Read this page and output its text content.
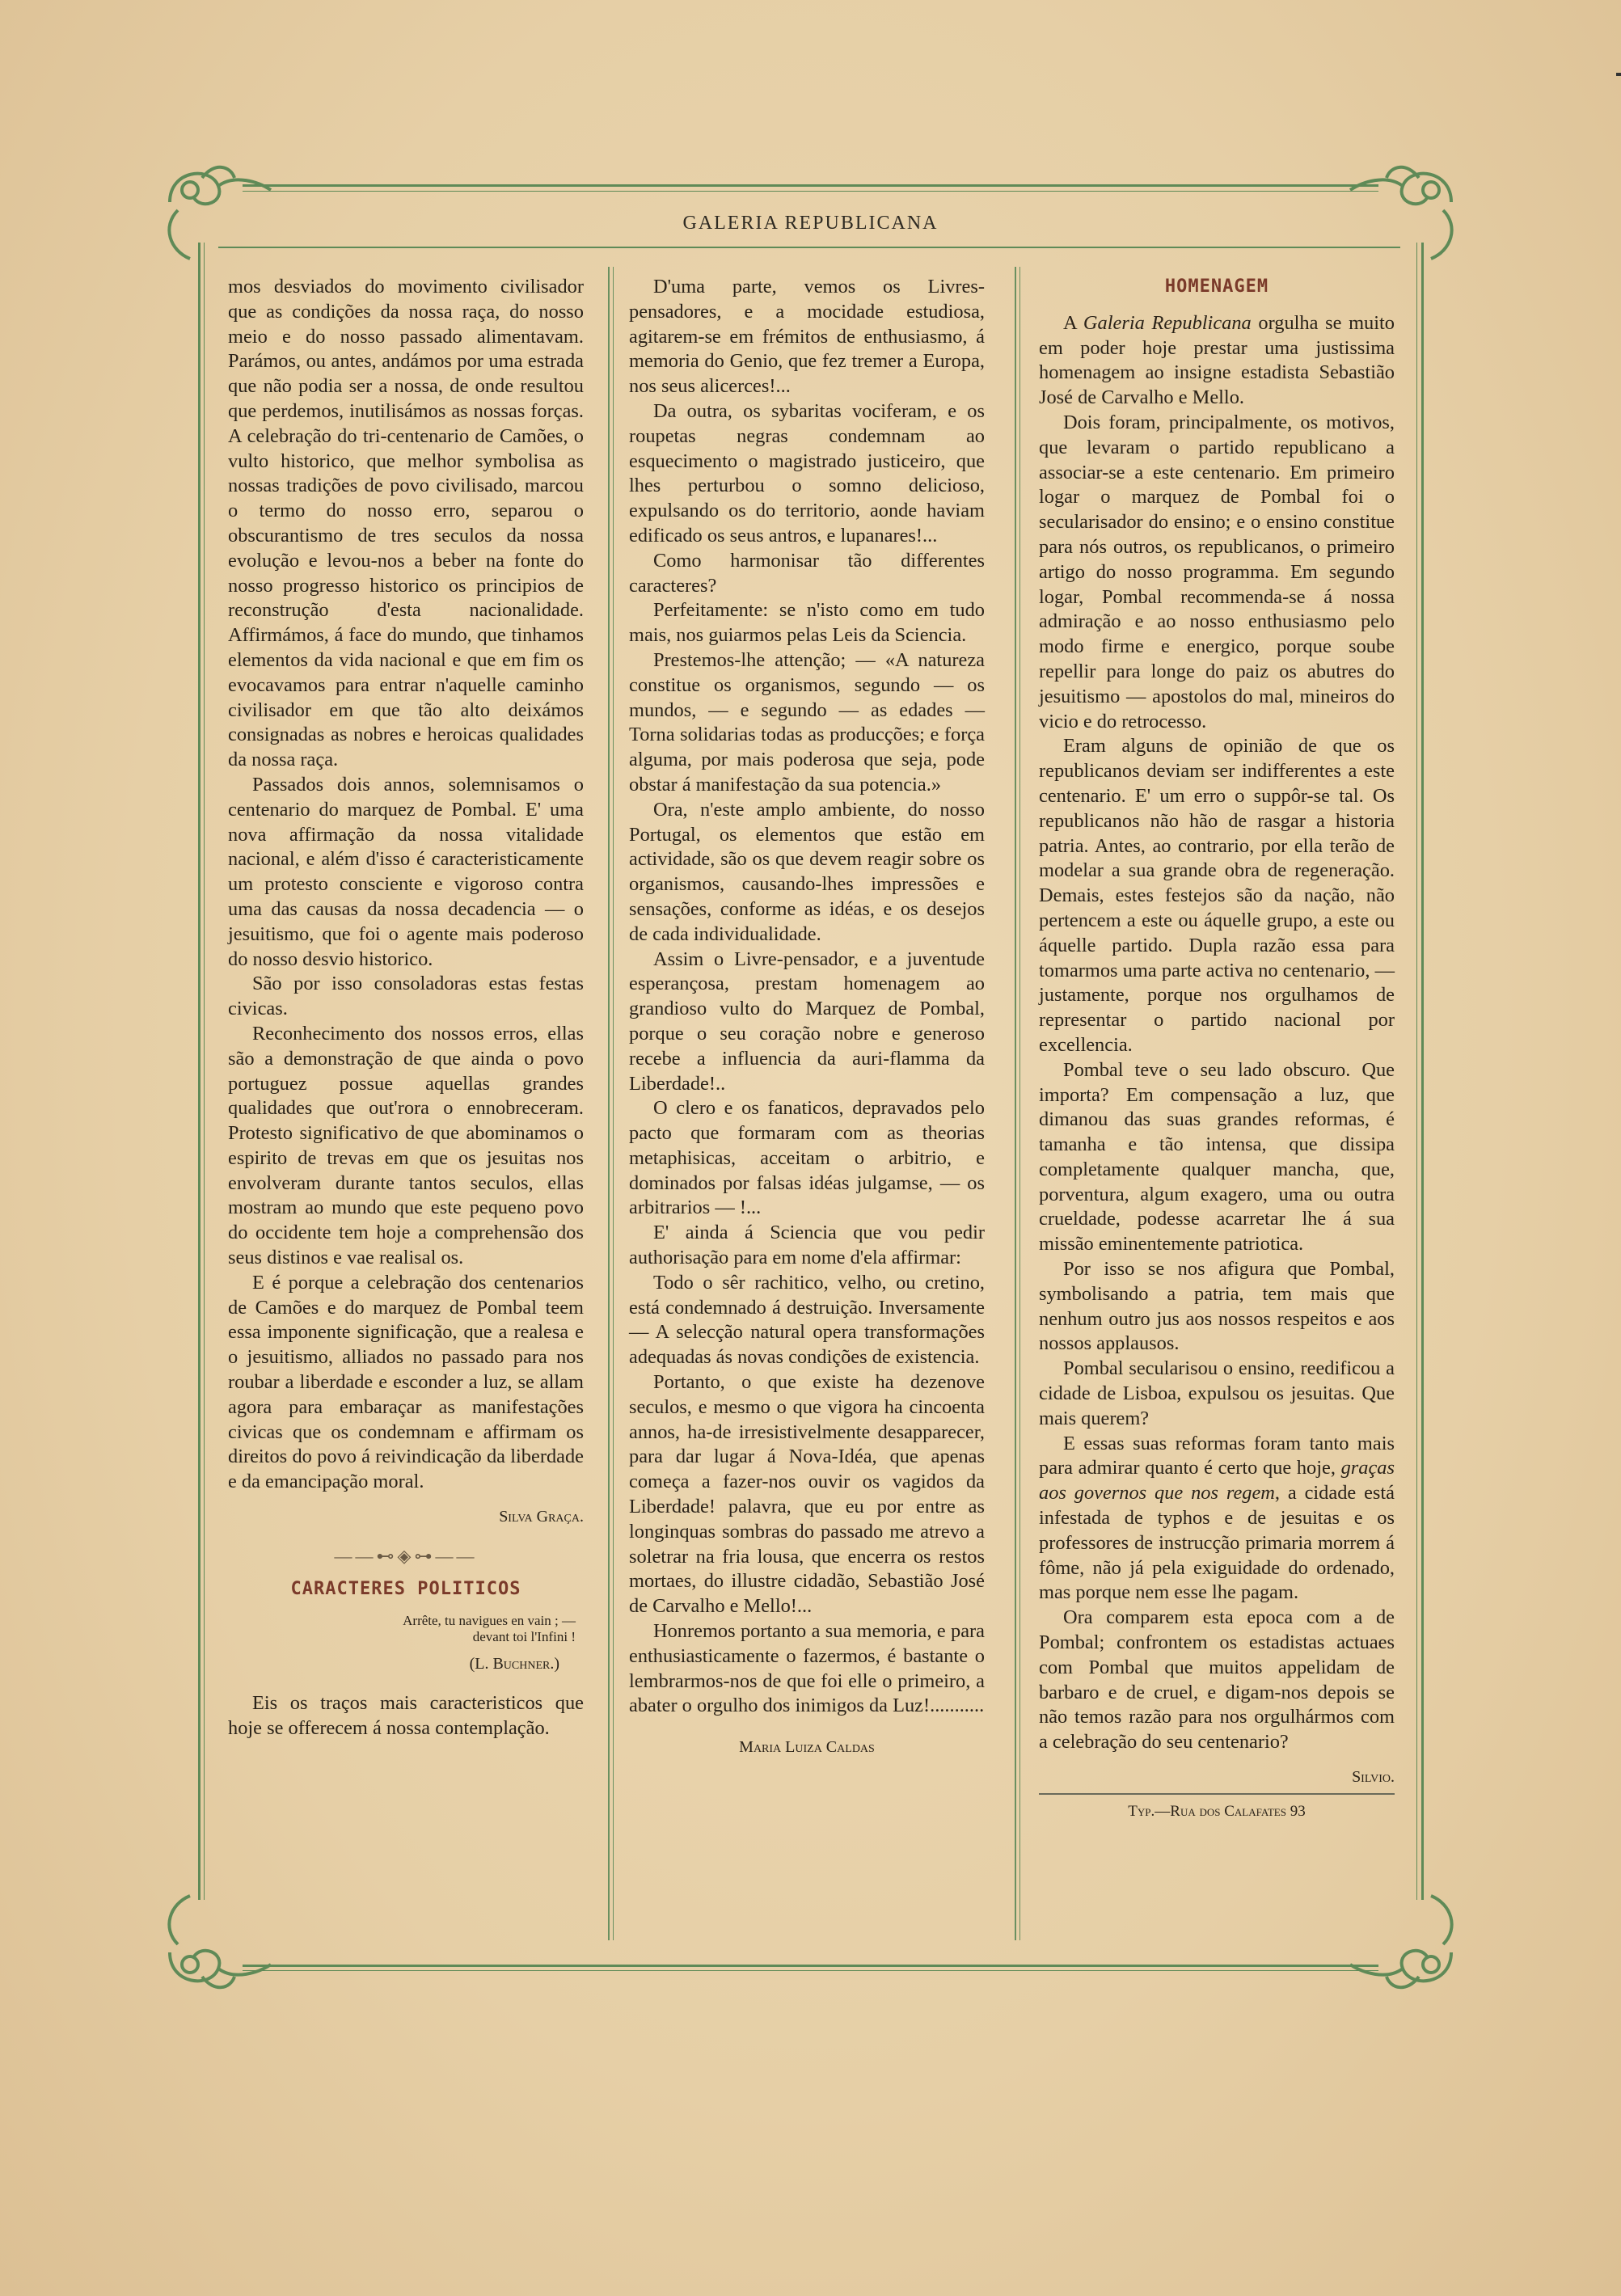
GALERIA REPUBLICANA

mos desviados do movimento civilisador que as condições da nossa raça, do nosso meio e do nosso passado alimentavam. Parámos, ou antes, andámos por uma estrada que não podia ser a nossa, de onde resultou que perdemos, inutilisámos as nossas forças. A celebração do tri-centenario de Camões, o vulto historico, que melhor symbolisa as nossas tradições de povo civilisado, marcou o termo do nosso erro, separou o obscurantismo de tres seculos da nossa evolução e levou-nos a beber na fonte do nosso progresso historico os principios de reconstrução d'esta nacionalidade. Affirmámos, á face do mundo, que tinhamos elementos da vida nacional e que em fim os evocavamos para entrar n'aquelle caminho civilisador em que tão alto deixámos consignadas as nobres e heroicas qualidades da nossa raça.

Passados dois annos, solemnisamos o centenario do marquez de Pombal. E' uma nova affirmação da nossa vitalidade nacional, e além d'isso é caracteristicamente um protesto consciente e vigoroso contra uma das causas da nossa decadencia — o jesuitismo, que foi o agente mais poderoso do nosso desvio historico.

São por isso consoladoras estas festas civicas.

Reconhecimento dos nossos erros, ellas são a demonstração de que ainda o povo portuguez possue aquellas grandes qualidades que out'rora o ennobreceram. Protesto significativo de que abominamos o espirito de trevas em que os jesuitas nos envolveram durante tantos seculos, ellas mostram ao mundo que este pequeno povo do occidente tem hoje a comprehensão dos seus distinos e vae realisal os.

E é porque a celebração dos centenarios de Camões e do marquez de Pombal teem essa imponente significação, que a realesa e o jesuitismo, alliados no passado para nos roubar a liberdade e esconder a luz, se allam agora para embaraçar as manifestações civicas que os condemnam e affirmam os direitos do povo á reivindicação da liberdade e da emancipação moral.

Silva Graça.
——⊷◈⊶——
CARACTERES POLITICOS
Arrête, tu navigues en vain ; —
devant toi l'Infini !
(L. Buchner.)

Eis os traços mais caracteristicos que hoje se offerecem á nossa contemplação.

D'uma parte, vemos os Livres-pensadores, e a mocidade estudiosa, agitarem-se em frémitos de enthusiasmo, á memoria do Genio, que fez tremer a Europa, nos seus alicerces!...

Da outra, os sybaritas vociferam, e os roupetas negras condemnam ao esquecimento o magistrado justiceiro, que lhes perturbou o somno delicioso, expulsando os do territorio, aonde haviam edificado os seus antros, e lupanares!...

Como harmonisar tão differentes caracteres?

Perfeitamente: se n'isto como em tudo mais, nos guiarmos pelas Leis da Sciencia.

Prestemos-lhe attenção; — «A natureza constitue os organismos, segundo — os mundos, — e segundo — as edades — Torna solidarias todas as producções; e força alguma, por mais poderosa que seja, pode obstar á manifestação da sua potencia.»

Ora, n'este amplo ambiente, do nosso Portugal, os elementos que estão em actividade, são os que devem reagir sobre os organismos, causando-lhes impressões e sensações, conforme as idéas, e os desejos de cada individualidade.

Assim o Livre-pensador, e a juventude esperançosa, prestam homenagem ao grandioso vulto do Marquez de Pombal, porque o seu coração nobre e generoso recebe a influencia da auri-flamma da Liberdade!..

O clero e os fanaticos, depravados pelo pacto que formaram com as theorias metaphisicas, acceitam o arbitrio, e dominados por falsas idéas julgamse, — os arbitrarios — !...

E' ainda á Sciencia que vou pedir authorisação para em nome d'ela affirmar:

Todo o sêr rachitico, velho, ou cretino, está condemnado á destruição. Inversamente — A selecção natural opera transformações adequadas ás novas condições de existencia.

Portanto, o que existe ha dezenove seculos, e mesmo o que vigora ha cincoenta annos, ha-de irresistivelmente desapparecer, para dar lugar á Nova-Idéa, que apenas começa a fazer-nos ouvir os vagidos da Liberdade! palavra, que eu por entre as longinquas sombras do passado me atrevo a soletrar na fria lousa, que encerra os restos mortaes, do illustre cidadão, Sebastião José de Carvalho e Mello!...

Honremos portanto a sua memoria, e para enthusiasticamente o fazermos, é bastante o lembrarmos-nos de que foi elle o primeiro, a abater o orgulho dos inimigos da Luz!...........

Maria Luiza Caldas
HOMENAGEM

A Galeria Republicana orgulha se muito em poder hoje prestar uma justissima homenagem ao insigne estadista Sebastião José de Carvalho e Mello.

Dois foram, principalmente, os motivos, que levaram o partido republicano a associar-se a este centenario. Em primeiro logar o marquez de Pombal foi o secularisador do ensino; e o ensino constitue para nós outros, os republicanos, o primeiro artigo do nosso programma. Em segundo logar, Pombal recommenda-se á nossa admiração e ao nosso enthusiasmo pelo modo firme e energico, porque soube repellir para longe do paiz os abutres do jesuitismo — apostolos do mal, mineiros do vicio e do retrocesso.

Eram alguns de opinião de que os republicanos deviam ser indifferentes a este centenario. E' um erro o suppôr-se tal. Os republicanos não hão de rasgar a historia patria. Antes, ao contrario, por ella terão de modelar a sua grande obra de regeneração. Demais, estes festejos são da nação, não pertencem a este ou áquelle grupo, a este ou áquelle partido. Dupla razão essa para tomarmos uma parte activa no centenario, — justamente, porque nos orgulhamos de representar o partido nacional por excellencia.

Pombal teve o seu lado obscuro. Que importa? Em compensação a luz, que dimanou das suas grandes reformas, é tamanha e tão intensa, que dissipa completamente qualquer mancha, que, porventura, algum exagero, uma ou outra crueldade, podesse acarretar lhe á sua missão eminentemente patriotica.

Por isso se nos afigura que Pombal, symbolisando a patria, tem mais que nenhum outro jus aos nossos respeitos e aos nossos applausos.

Pombal secularisou o ensino, reedificou a cidade de Lisboa, expulsou os jesuitas. Que mais querem?

E essas suas reformas foram tanto mais para admirar quanto é certo que hoje, graças aos governos que nos regem, a cidade está infestada de typhos e de jesuitas e os professores de instrucção primaria morrem á fôme, não já pela exiguidade do ordenado, mas porque nem esse lhe pagam.

Ora comparem esta epoca com a de Pombal; confrontem os estadistas actuaes com Pombal que muitos appelidam de barbaro e de cruel, e digam-nos depois se não temos razão para nos orgulhármos com a celebração do seu centenario?

Silvio.
Typ.—Rua dos Calafates 93
